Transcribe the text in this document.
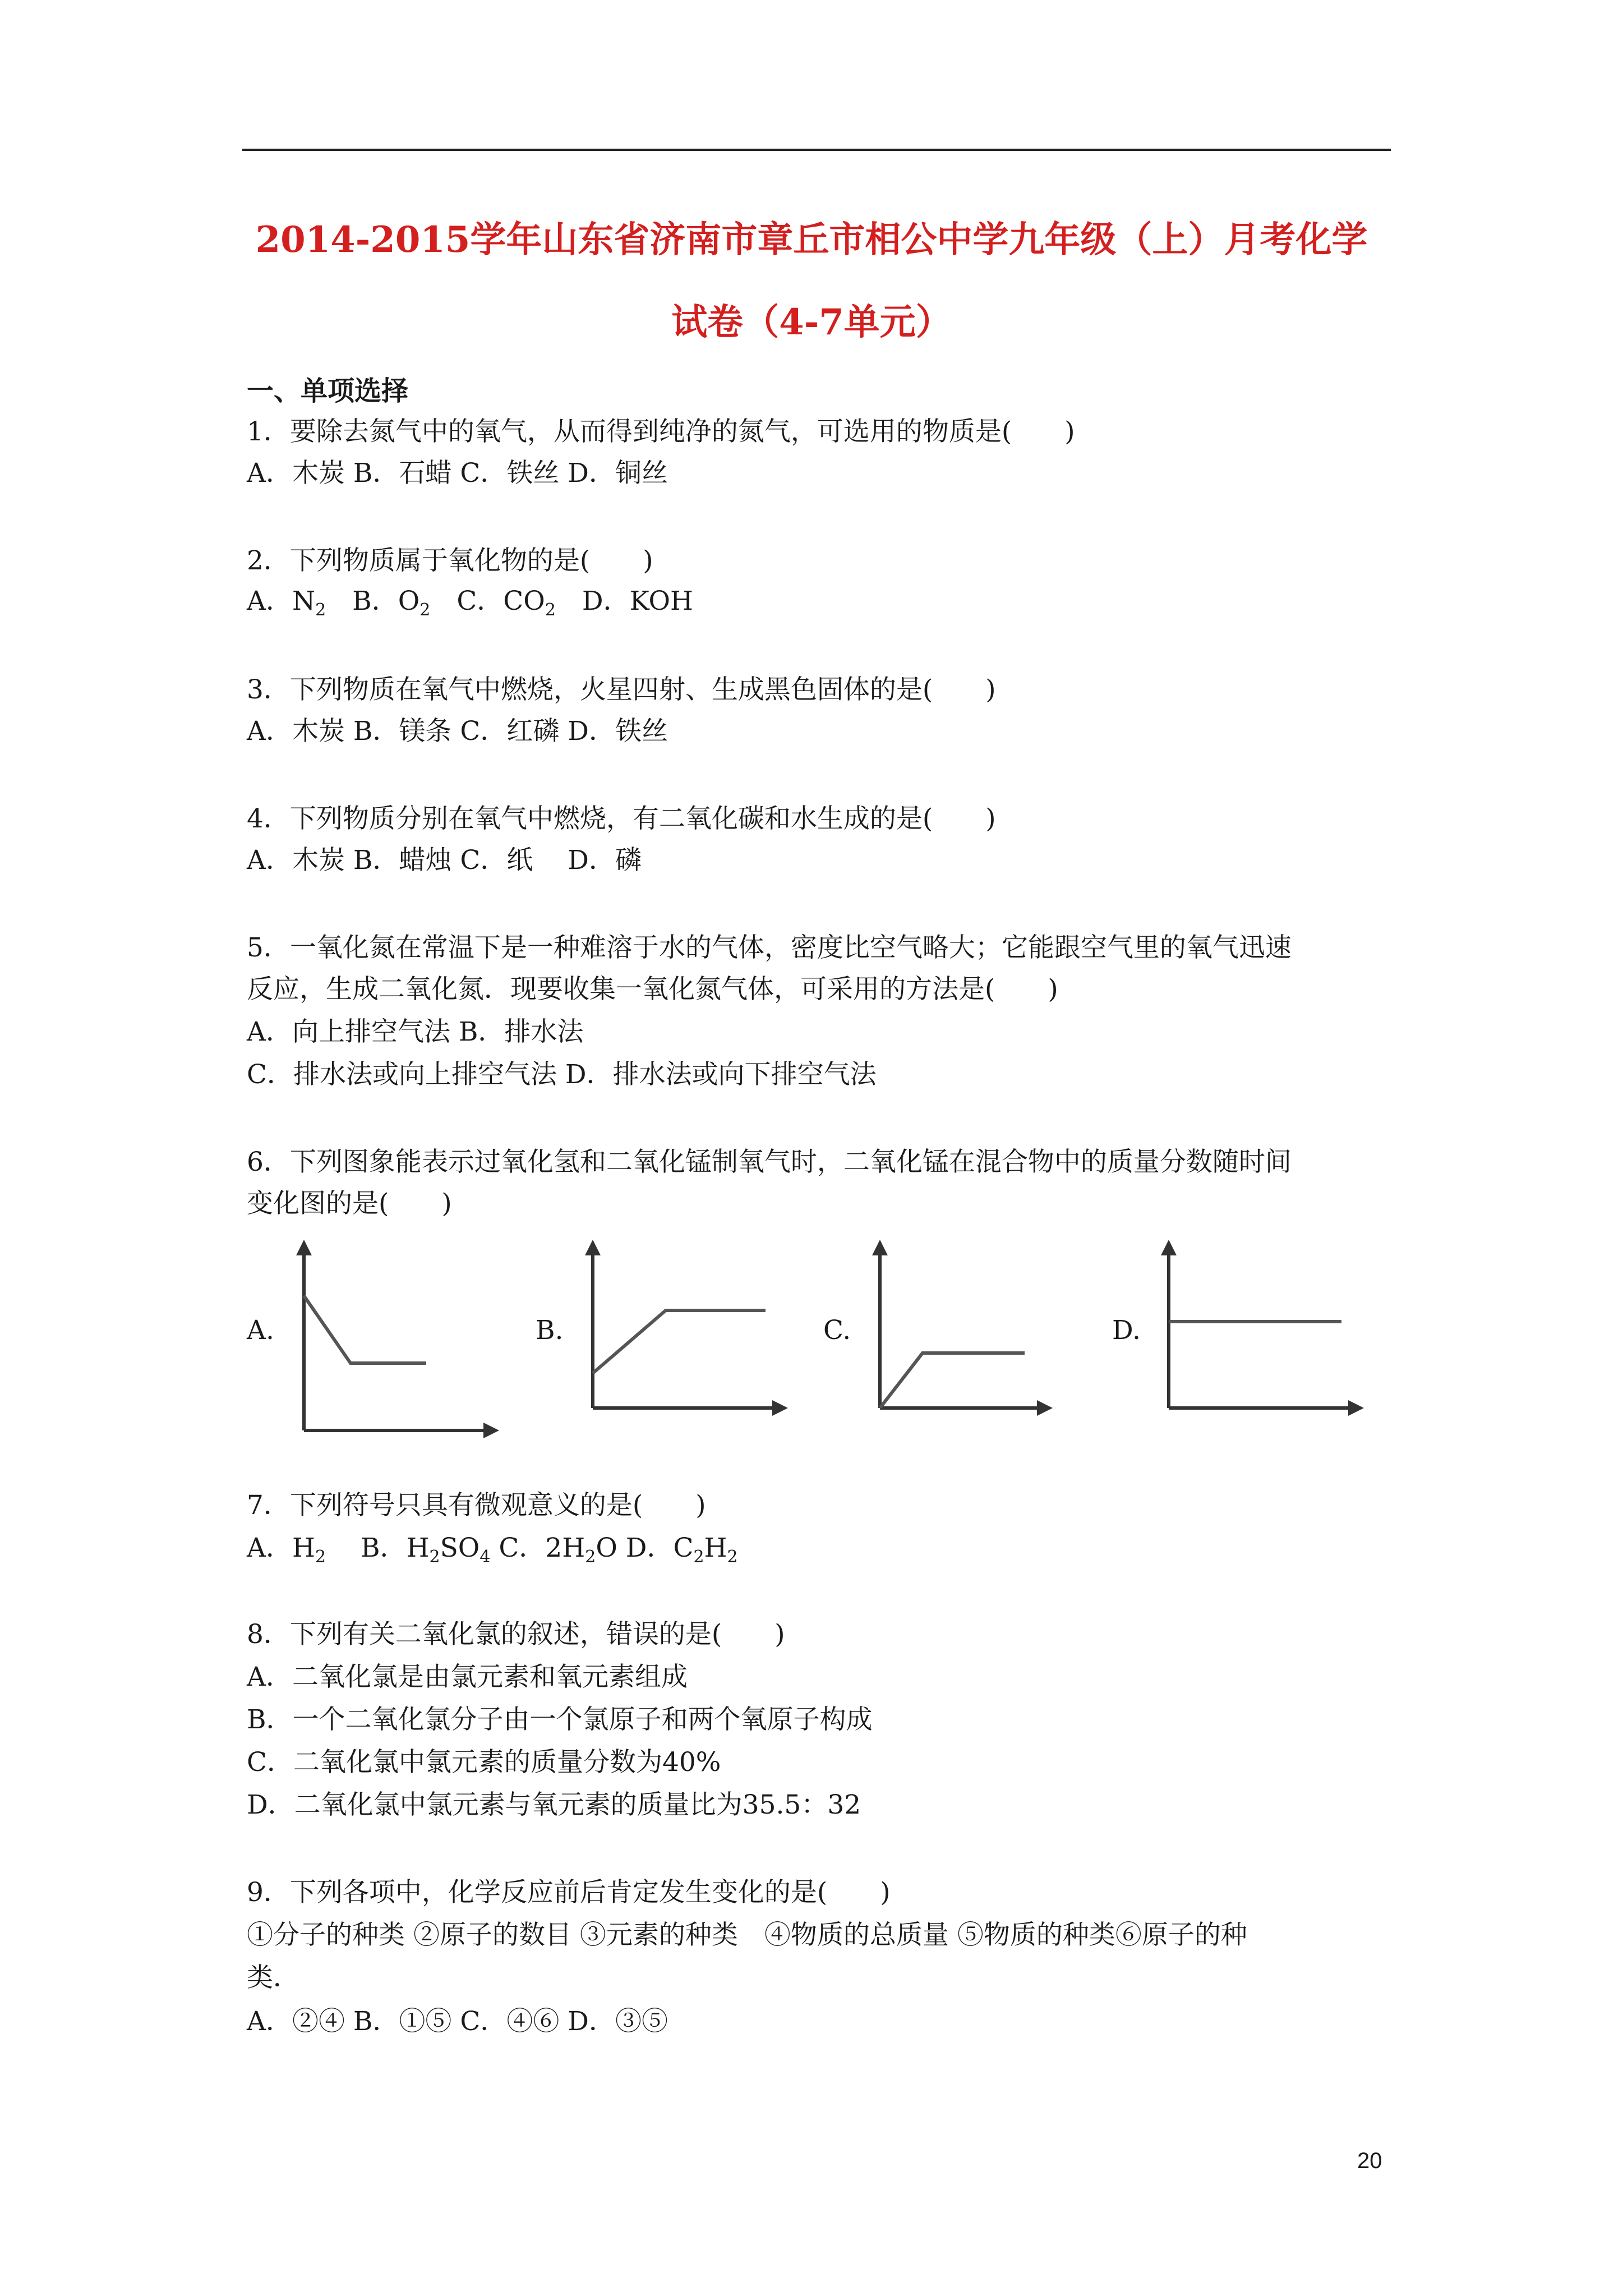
2014-2015学年山东省济南市章丘市相公中学九年级（上）月考化学
试卷（4-7单元）
一、单项选择
1．要除去氮气中的氧气，从而得到纯净的氮气，可选用的物质是(　　)
A．木炭 B．石蜡 C．铁丝 D．铜丝
2．下列物质属于氧化物的是(　　)
A．$N_2$　B．$O_2$　C．$CO_2$　D．KOH
3．下列物质在氧气中燃烧，火星四射、生成黑色固体的是(　　)
A．木炭 B．镁条 C．红磷 D．铁丝
4．下列物质分别在氧气中燃烧，有二氧化碳和水生成的是(　　)
A．木炭 B．蜡烛 C．纸　 D．磷
5．一氧化氮在常温下是一种难溶于水的气体，密度比空气略大；它能跟空气里的氧气迅速
反应，生成二氧化氮．现要收集一氧化氮气体，可采用的方法是(　　)
A．向上排空气法 B．排水法
C．排水法或向上排空气法 D．排水法或向下排空气法
6．下列图象能表示过氧化氢和二氧化锰制氧气时，二氧化锰在混合物中的质量分数随时间
变化图的是(　　)
A.	B.	C.	D.
7．下列符号只具有微观意义的是(　　)
A．$H_2$　 B．$H_2SO_4$ C．$2H_2O$ D．$C_2H_2$
8．下列有关二氧化氯的叙述，错误的是(　　)
A．二氧化氯是由氯元素和氧元素组成
B．一个二氧化氯分子由一个氯原子和两个氧原子构成
C．二氧化氯中氯元素的质量分数为40%
D．二氧化氯中氯元素与氧元素的质量比为35.5：32
9．下列各项中，化学反应前后肯定发生变化的是(　　)
①分子的种类 ②原子的数目 ③元素的种类　④物质的总质量 ⑤物质的种类⑥原子的种
类．
A．②④ B．①⑤ C．④⑥ D．③⑤
20
